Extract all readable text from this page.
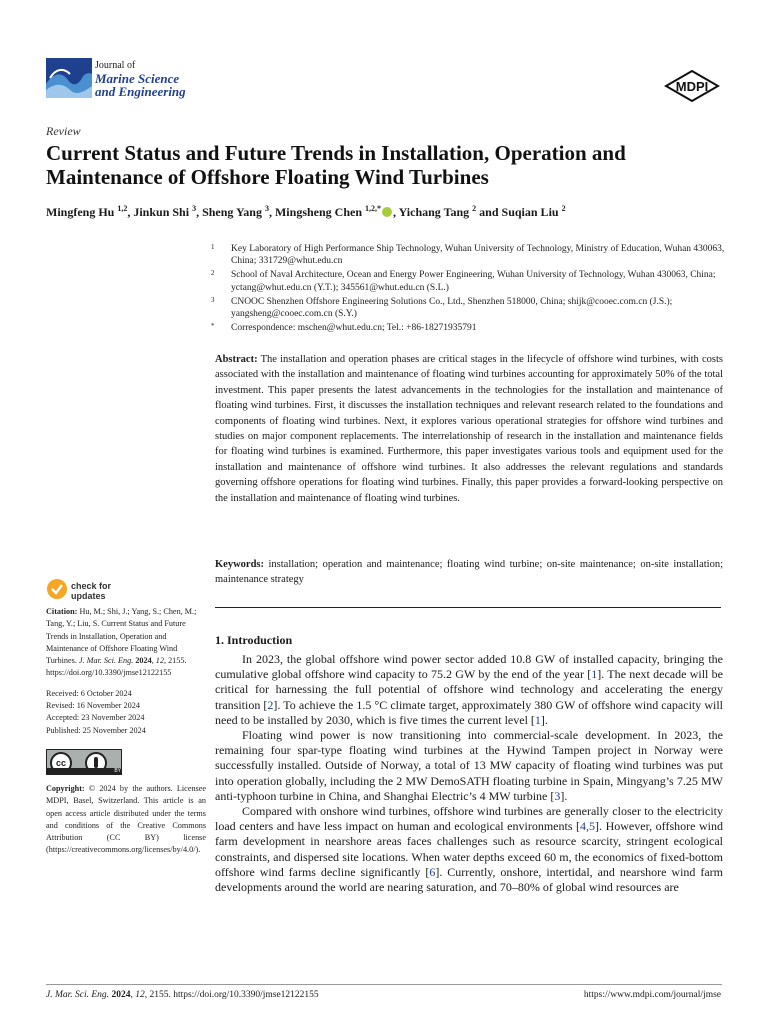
Journal of
Marine Science
and Engineering	MDPI
Review
Current Status and Future Trends in Installation, Operation and Maintenance of Offshore Floating Wind Turbines
Mingfeng Hu $^{1,2}$, Jinkun Shi $^3$, Sheng Yang $^3$, Mingsheng Chen $^{1,2,*}$ , Yichang Tang $^2$ and Suqian Liu $^2$
1 Key Laboratory of High Performance Ship Technology, Wuhan University of Technology, Ministry of Education, Wuhan 430063, China; 331729@whut.edu.cn
2 School of Naval Architecture, Ocean and Energy Power Engineering, Wuhan University of Technology, Wuhan 430063, China; yctang@whut.edu.cn (Y.T.); 345561@whut.edu.cn (S.L.)
3 CNOOC Shenzhen Offshore Engineering Solutions Co., Ltd., Shenzhen 518000, China; shijk@cooec.com.cn (J.S.); yangsheng@cooec.com.cn (S.Y.)
* Correspondence: mschen@whut.edu.cn; Tel.: +86-18271935791
Abstract: The installation and operation phases are critical stages in the lifecycle of offshore wind turbines, with costs associated with the installation and maintenance of floating wind turbines accounting for approximately 50% of the total investment. This paper presents the latest advancements in the technologies for the installation and maintenance of floating wind turbines. First, it discusses the installation techniques and relevant research related to the foundations and components of floating wind turbines. Next, it explores various operational strategies for offshore wind turbines and studies on major component replacements. The interrelationship of research in the installation and maintenance fields for floating wind turbines is examined. Furthermore, this paper investigates various tools and equipment used for the installation and maintenance of offshore wind turbines. It also addresses the relevant regulations and standards governing offshore operations for floating wind turbines. Finally, this paper provides a forward-looking perspective on the installation and maintenance of floating wind turbines.
Keywords: installation; operation and maintenance; floating wind turbine; on-site maintenance; on-site installation; maintenance strategy
check for
updates

Citation: Hu, M.; Shi, J.; Yang, S.; Chen, M.; Tang, Y.; Liu, S. Current Status and Future Trends in Installation, Operation and Maintenance of Offshore Floating Wind Turbines. J. Mar. Sci. Eng. 2024, 12, 2155. https://doi.org/10.3390/jmse12122155

Received: 6 October 2024

Revised: 16 November 2024

Accepted: 23 November 2024

Published: 25 November 2024

cc
BY

Copyright: © 2024 by the authors. Licensee MDPI, Basel, Switzerland. This article is an open access article distributed under the terms and conditions of the Creative Commons Attribution (CC BY) license (https://creativecommons.org/licenses/by/4.0/).

1. Introduction

In 2023, the global offshore wind power sector added 10.8 GW of installed capacity, bringing the cumulative global offshore wind capacity to 75.2 GW by the end of the year [1]. The next decade will be critical for harnessing the full potential of offshore wind technology and accelerating the energy transition [2]. To achieve the 1.5 °C climate target, approximately 380 GW of offshore wind capacity will need to be installed by 2030, which is five times the current level [1].

Floating wind power is now transitioning into commercial-scale development. In 2023, the remaining four spar-type floating wind turbines at the Hywind Tampen project in Norway were successfully installed. Outside of Norway, a total of 13 MW capacity of floating wind turbines was put into operation globally, including the 2 MW DemoSATH floating turbine in Spain, Mingyang’s 7.25 MW anti-typhoon turbine in China, and Shanghai Electric’s 4 MW turbine [3].

Compared with onshore wind turbines, offshore wind turbines are generally closer to the electricity load centers and have less impact on human and ecological environments [4,5]. However, offshore wind farm development in nearshore areas faces challenges such as resource scarcity, stringent ecological constraints, and dispersed site locations. When water depths exceed 60 m, the economics of fixed-bottom offshore wind farms decline significantly [6]. Currently, onshore, intertidal, and nearshore wind farm developments around the world are nearing saturation, and 70–80% of global wind resources are

J. Mar. Sci. Eng. 2024, 12, 2155. https://doi.org/10.3390/jmse12122155	https://www.mdpi.com/journal/jmse
